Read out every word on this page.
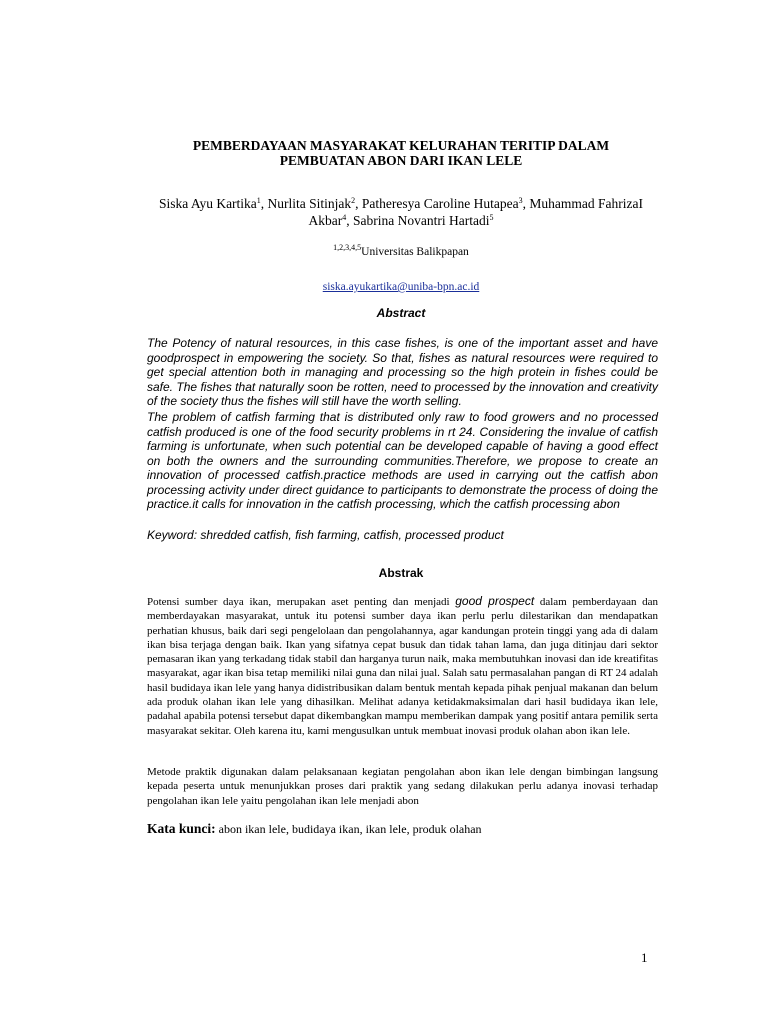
PEMBERDAYAAN MASYARAKAT KELURAHAN TERITIP DALAM
PEMBUATAN ABON DARI IKAN LELE

Siska Ayu Kartika$^1$, Nurlita Sitinjak$^2$, Patheresya Caroline Hutapea$^3$, Muhammad FahrizaI
Akbar$^4$, Sabrina Novantri Hartadi$^5$

$^{1,2,3,4,5}$Universitas Balikpapan

siska.ayukartika@uniba-bpn.ac.id

Abstract

The Potency of natural resources, in this case fishes, is one of the important asset and have goodprospect in empowering the society. So that, fishes as natural resources were required to get special attention both in managing and processing so the high protein in fishes could be safe. The fishes that naturally soon be rotten, need to processed by the innovation and creativity of the society thus the fishes will still have the worth selling.

The problem of catfish farming that is distributed only raw to food growers and no processed catfish produced is one of the food security problems in rt 24. Considering the invalue of catfish farming is unfortunate, when such potential can be developed capable of having a good effect on both the owners and the surrounding communities.Therefore, we propose to create an innovation of processed catfish.practice methods are used in carrying out the catfish abon processing activity under direct guidance to participants to demonstrate the process of doing the practice.it calls for innovation in the catfish processing, which the catfish processing abon

Keyword: shredded catfish, fish farming, catfish, processed product

Abstrak

Potensi sumber daya ikan, merupakan aset penting dan menjadi good prospect dalam pemberdayaan dan memberdayakan masyarakat, untuk itu potensi sumber daya ikan perlu perlu dilestarikan dan mendapatkan perhatian khusus, baik dari segi pengelolaan dan pengolahannya, agar kandungan protein tinggi yang ada di dalam ikan bisa terjaga dengan baik. Ikan yang sifatnya cepat busuk dan tidak tahan lama, dan juga ditinjau dari sektor pemasaran ikan yang terkadang tidak stabil dan harganya turun naik, maka membutuhkan inovasi dan ide kreatifitas masyarakat, agar ikan bisa tetap memiliki nilai guna dan nilai jual. Salah satu permasalahan pangan di RT 24 adalah hasil budidaya ikan lele yang hanya didistribusikan dalam bentuk mentah kepada pihak penjual makanan dan belum ada produk olahan ikan lele yang dihasilkan. Melihat adanya ketidakmaksimalan dari hasil budidaya ikan lele, padahal apabila potensi tersebut dapat dikembangkan mampu memberikan dampak yang positif antara pemilik serta masyarakat sekitar. Oleh karena itu, kami mengusulkan untuk membuat inovasi produk olahan abon ikan lele.

Metode praktik digunakan dalam pelaksanaan kegiatan pengolahan abon ikan lele dengan bimbingan langsung kepada peserta untuk menunjukkan proses dari praktik yang sedang dilakukan perlu adanya inovasi terhadap pengolahan ikan lele yaitu pengolahan ikan lele menjadi abon

Kata kunci: abon ikan lele, budidaya ikan, ikan lele, produk olahan

1
